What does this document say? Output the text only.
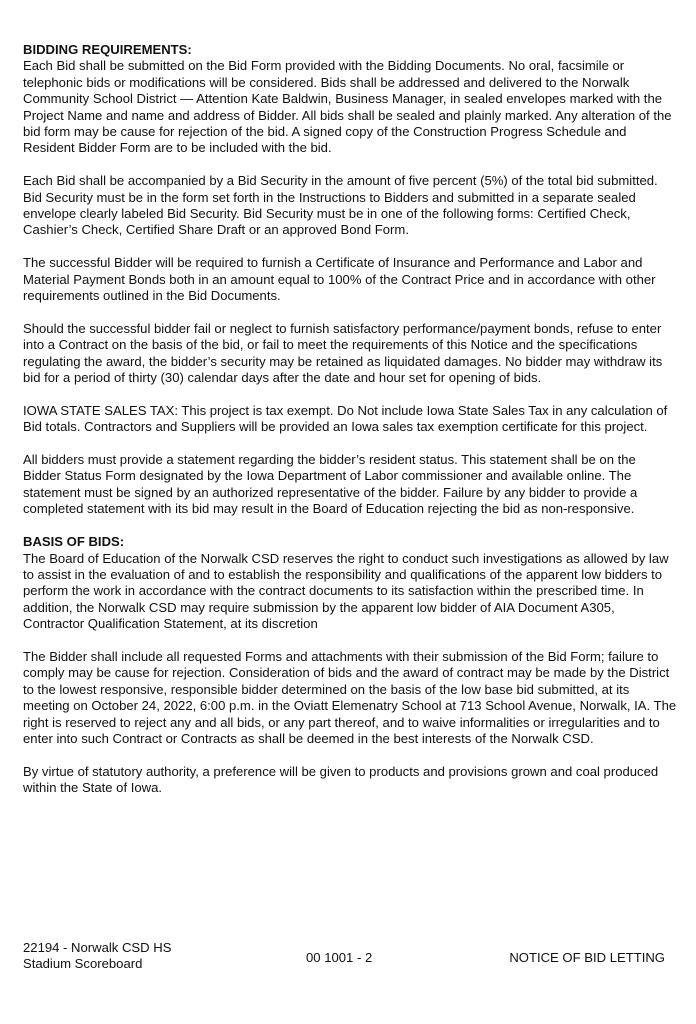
BIDDING REQUIREMENTS:

Each Bid shall be submitted on the Bid Form provided with the Bidding Documents. No oral, facsimile or telephonic bids or modifications will be considered. Bids shall be addressed and delivered to the Norwalk Community School District — Attention Kate Baldwin, Business Manager, in sealed envelopes marked with the Project Name and name and address of Bidder. All bids shall be sealed and plainly marked. Any alteration of the bid form may be cause for rejection of the bid. A signed copy of the Construction Progress Schedule and Resident Bidder Form are to be included with the bid.

Each Bid shall be accompanied by a Bid Security in the amount of five percent (5%) of the total bid submitted. Bid Security must be in the form set forth in the Instructions to Bidders and submitted in a separate sealed envelope clearly labeled Bid Security. Bid Security must be in one of the following forms: Certified Check, Cashier’s Check, Certified Share Draft or an approved Bond Form.

The successful Bidder will be required to furnish a Certificate of Insurance and Performance and Labor and Material Payment Bonds both in an amount equal to 100% of the Contract Price and in accordance with other requirements outlined in the Bid Documents.

Should the successful bidder fail or neglect to furnish satisfactory performance/payment bonds, refuse to enter into a Contract on the basis of the bid, or fail to meet the requirements of this Notice and the specifications regulating the award, the bidder’s security may be retained as liquidated damages. No bidder may withdraw its bid for a period of thirty (30) calendar days after the date and hour set for opening of bids.

IOWA STATE SALES TAX: This project is tax exempt. Do Not include Iowa State Sales Tax in any calculation of Bid totals. Contractors and Suppliers will be provided an Iowa sales tax exemption certificate for this project.

All bidders must provide a statement regarding the bidder’s resident status. This statement shall be on the Bidder Status Form designated by the Iowa Department of Labor commissioner and available online. The statement must be signed by an authorized representative of the bidder. Failure by any bidder to provide a completed statement with its bid may result in the Board of Education rejecting the bid as non-responsive.

BASIS OF BIDS:

The Board of Education of the Norwalk CSD reserves the right to conduct such investigations as allowed by law to assist in the evaluation of and to establish the responsibility and qualifications of the apparent low bidders to perform the work in accordance with the contract documents to its satisfaction within the prescribed time. In addition, the Norwalk CSD may require submission by the apparent low bidder of AIA Document A305, Contractor Qualification Statement, at its discretion

The Bidder shall include all requested Forms and attachments with their submission of the Bid Form; failure to comply may be cause for rejection. Consideration of bids and the award of contract may be made by the District to the lowest responsive, responsible bidder determined on the basis of the low base bid submitted, at its meeting on October 24, 2022, 6:00 p.m. in the Oviatt Elemenatry School at 713 School Avenue, Norwalk, IA. The right is reserved to reject any and all bids, or any part thereof, and to waive informalities or irregularities and to enter into such Contract or Contracts as shall be deemed in the best interests of the Norwalk CSD.

By virtue of statutory authority, a preference will be given to products and provisions grown and coal produced within the State of Iowa.

22194 - Norwalk CSD HS
Stadium Scoreboard	00 1001 - 2	NOTICE OF BID LETTING
